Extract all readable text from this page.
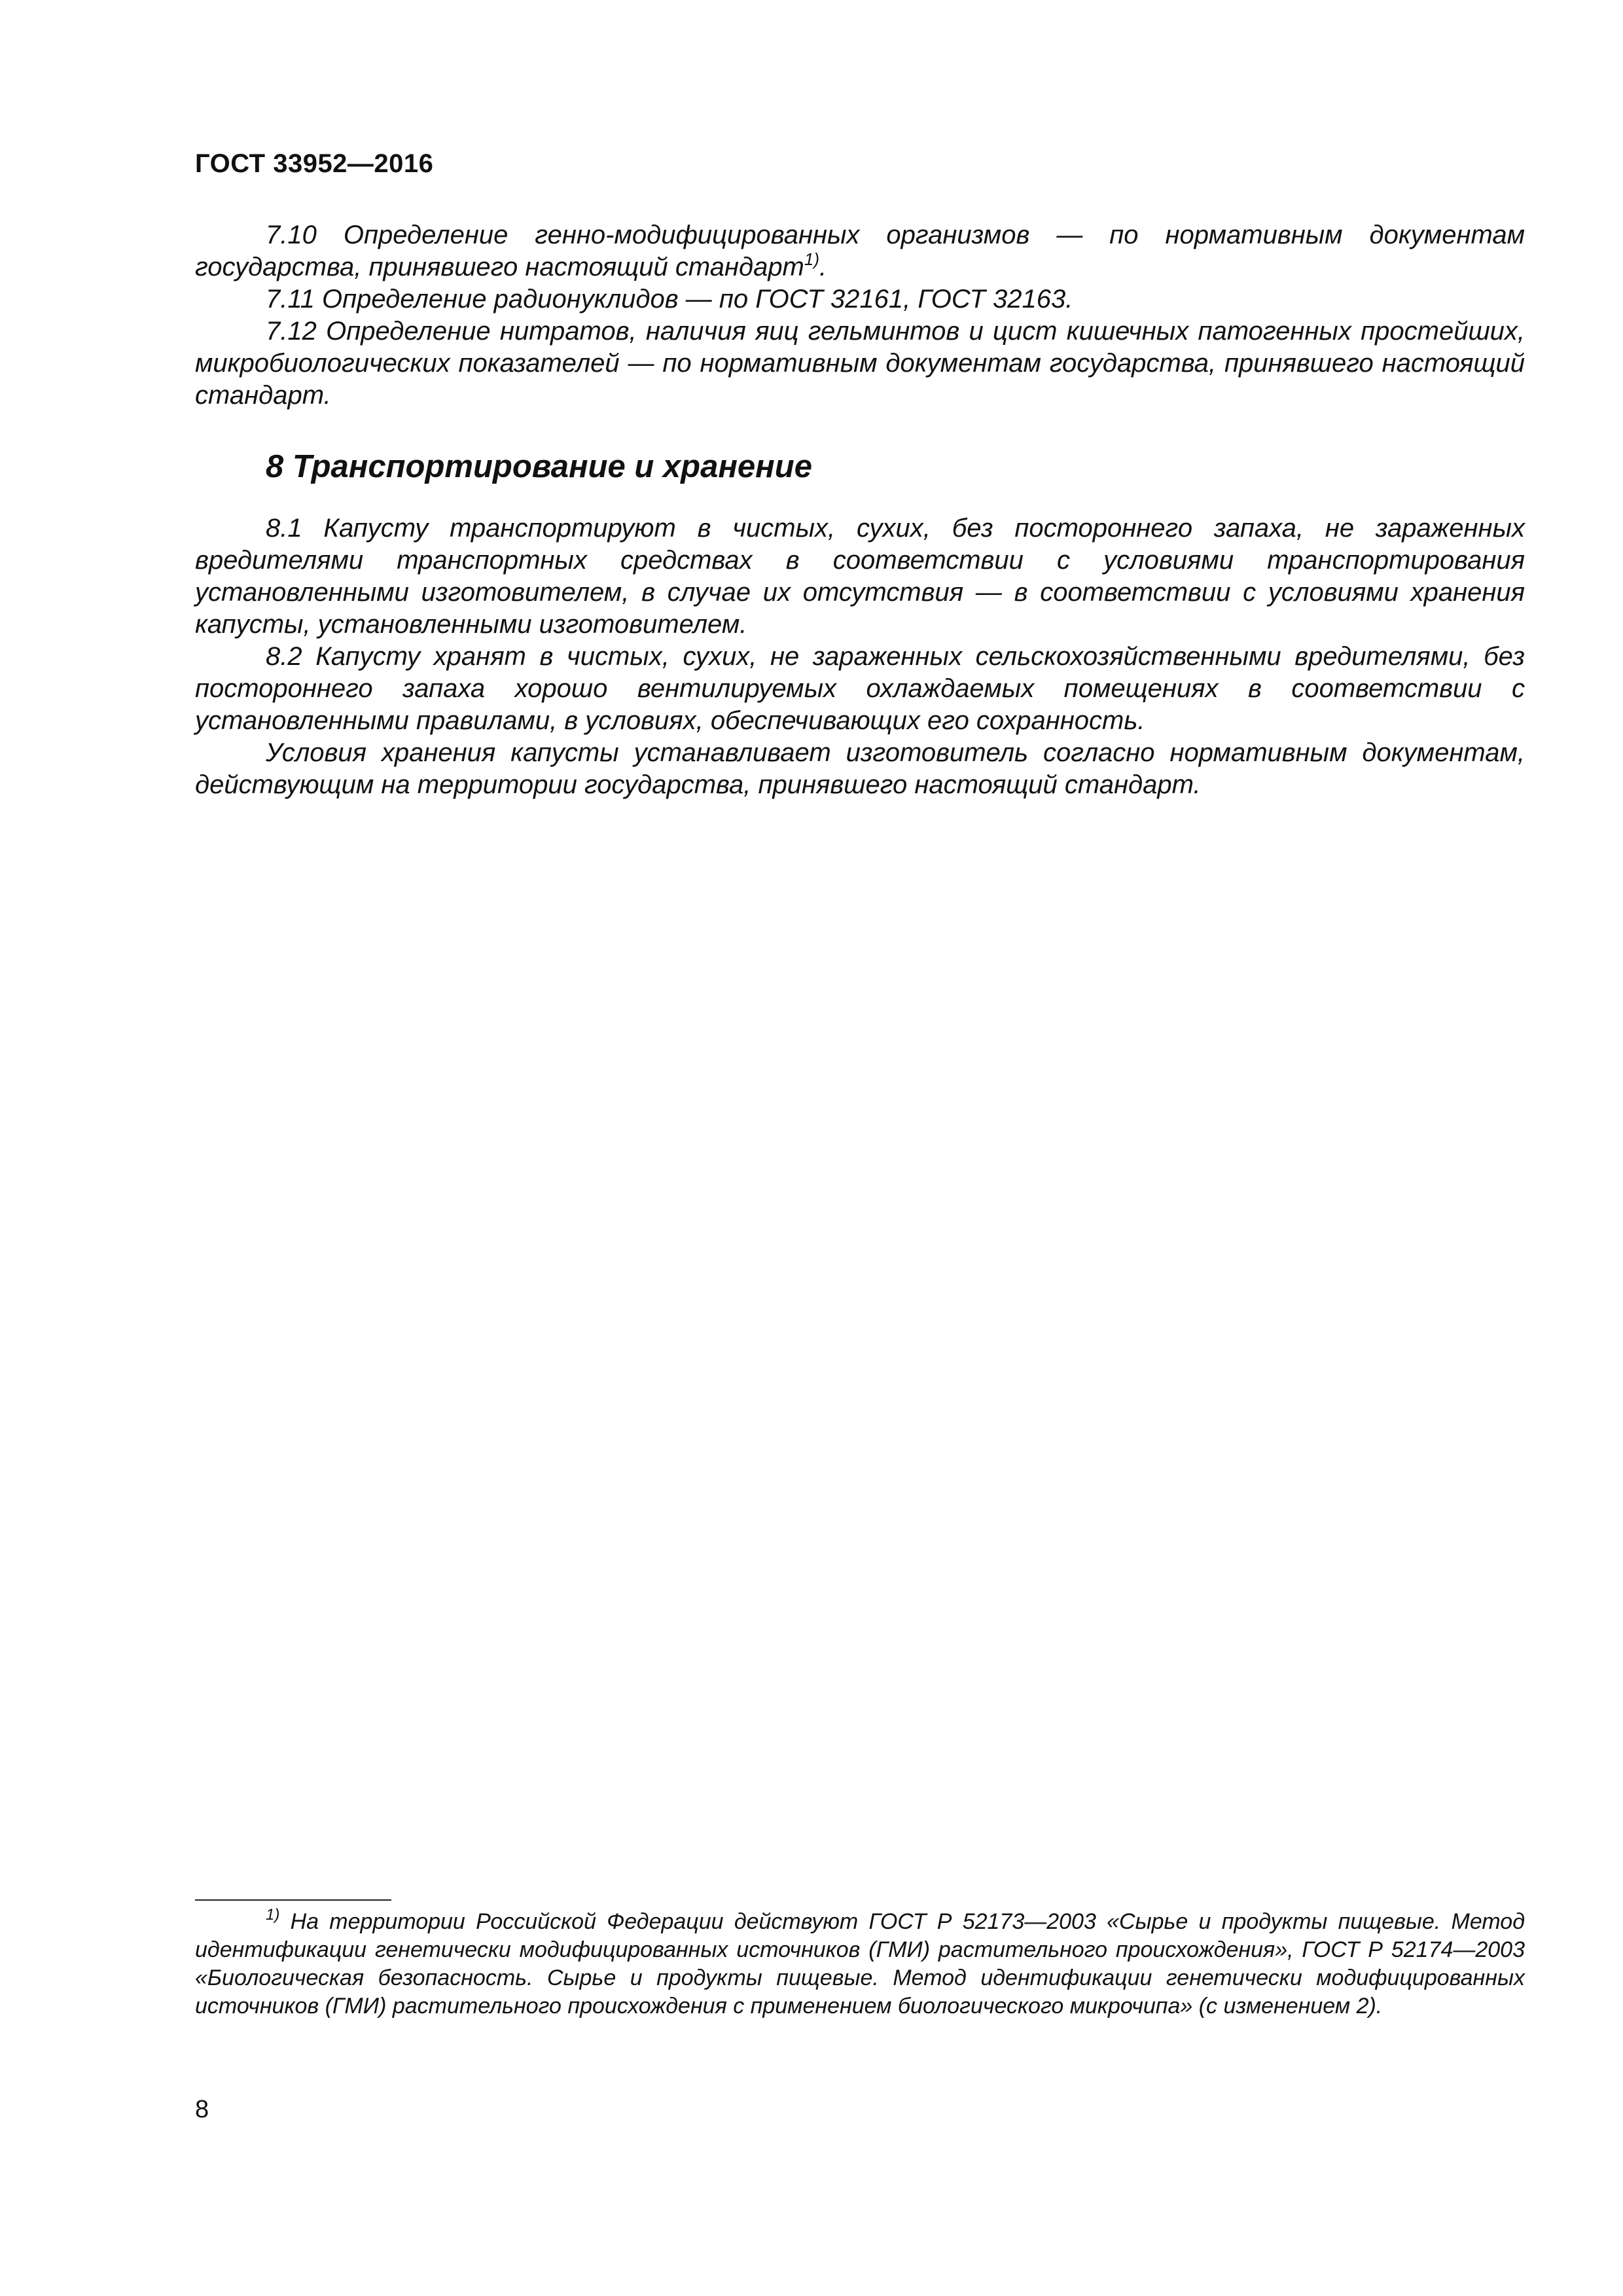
ГОСТ 33952—2016

7.10 Определение генно-модифицированных организмов — по нормативным документам государства, принявшего настоящий стандарт$^{1)}$.

7.11 Определение радионуклидов — по ГОСТ 32161, ГОСТ 32163.

7.12 Определение нитратов, наличия яиц гельминтов и цист кишечных патогенных простейших, микробиологических показателей — по нормативным документам государства, принявшего настоящий стандарт.

8 Транспортирование и хранение

8.1 Капусту транспортируют в чистых, сухих, без постороннего запаха, не зараженных вредителями транспортных средствах в соответствии с условиями транспортирования установленными изготовителем, в случае их отсутствия — в соответствии с условиями хранения капусты, установленными изготовителем.

8.2 Капусту хранят в чистых, сухих, не зараженных сельскохозяйственными вредителями, без постороннего запаха хорошо вентилируемых охлаждаемых помещениях в соответствии с установленными правилами, в условиях, обеспечивающих его сохранность.

Условия хранения капусты устанавливает изготовитель согласно нормативным документам, действующим на территории государства, принявшего настоящий стандарт.

$^{1)}$ На территории Российской Федерации действуют ГОСТ Р 52173—2003 «Сырье и продукты пищевые. Метод идентификации генетически модифицированных источников (ГМИ) растительного происхождения», ГОСТ Р 52174—2003 «Биологическая безопасность. Сырье и продукты пищевые. Метод идентификации генетически модифицированных источников (ГМИ) растительного происхождения с применением биологического микрочипа» (с изменением 2).

8
